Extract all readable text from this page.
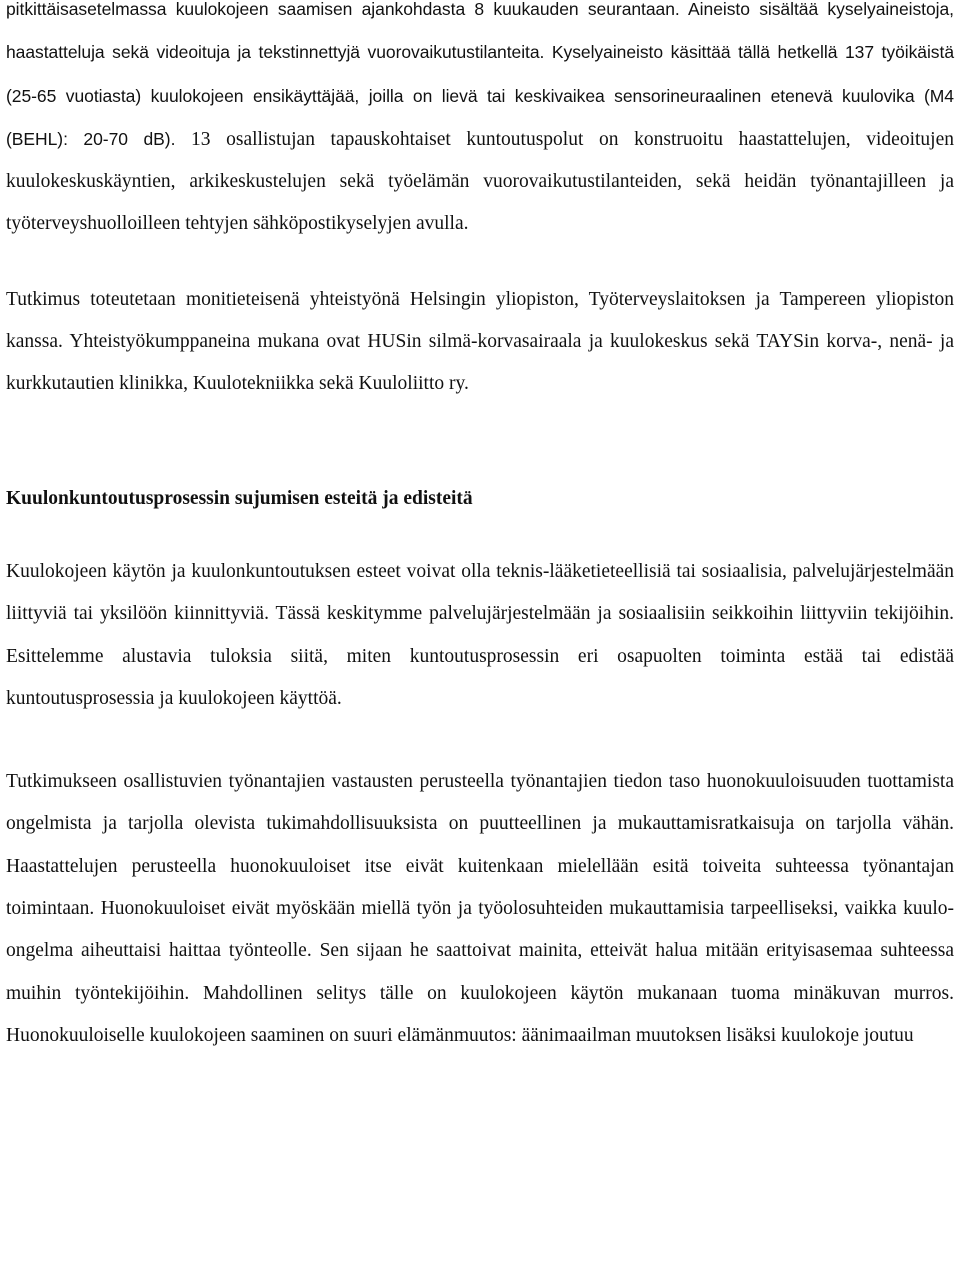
pitkittäisasetelmassa kuulokojeen saamisen ajankohdasta 8 kuukauden seurantaan. Aineisto sisältää kyselyaineistoja, haastatteluja sekä videoituja ja tekstinnettyjä vuorovaikutustilanteita. Kyselyaineisto käsittää tällä hetkellä 137 työikäistä (25-65 vuotiasta) kuulokojeen ensikäyttäjää, joilla on lievä tai keskivaikea sensorineuraalinen etenevä kuulovika (M4 (BEHL): 20-70 dB). 13 osallistujan tapauskohtaiset kuntoutuspolut on konstruoitu haastattelujen, videoitujen kuulokeskuskäyntien, arkikeskustelujen sekä työelämän vuorovaikutustilanteiden, sekä heidän työnantajilleen ja työterveyshuolloilleen tehtyjen sähköpostikyselyjen avulla.

Tutkimus toteutetaan monitieteisenä yhteistyönä Helsingin yliopiston, Työterveyslaitoksen ja Tampereen yliopiston kanssa. Yhteistyökumppaneina mukana ovat HUSin silmä-korvasairaala ja kuulokeskus sekä TAYSin korva-, nenä- ja kurkkutautien klinikka, Kuulotekniikka sekä Kuuloliitto ry.

Kuulonkuntoutusprosessin sujumisen esteitä ja edisteitä

Kuulokojeen käytön ja kuulonkuntoutuksen esteet voivat olla teknis-lääketieteellisiä tai sosiaalisia, palvelujärjestelmään liittyviä tai yksilöön kiinnittyviä. Tässä keskitymme palvelujärjestelmään ja sosiaalisiin seikkoihin liittyviin tekijöihin. Esittelemme alustavia tuloksia siitä, miten kuntoutusprosessin eri osapuolten toiminta estää tai edistää kuntoutusprosessia ja kuulokojeen käyttöä.

Tutkimukseen osallistuvien työnantajien vastausten perusteella työnantajien tiedon taso huonokuuloisuuden tuottamista ongelmista ja tarjolla olevista tukimahdollisuuksista on puutteellinen ja mukauttamisratkaisuja on tarjolla vähän. Haastattelujen perusteella huonokuuloiset itse eivät kuitenkaan mielellään esitä toiveita suhteessa työnantajan toimintaan. Huonokuuloiset eivät myöskään miellä työn ja työolosuhteiden mukauttamisia tarpeelliseksi, vaikka kuulo-ongelma aiheuttaisi haittaa työnteolle. Sen sijaan he saattoivat mainita, etteivät halua mitään erityisasemaa suhteessa muihin työntekijöihin. Mahdollinen selitys tälle on kuulokojeen käytön mukanaan tuoma minäkuvan murros. Huonokuuloiselle kuulokojeen saaminen on suuri elämänmuutos: äänimaailman muutoksen lisäksi kuulokoje joutuu
